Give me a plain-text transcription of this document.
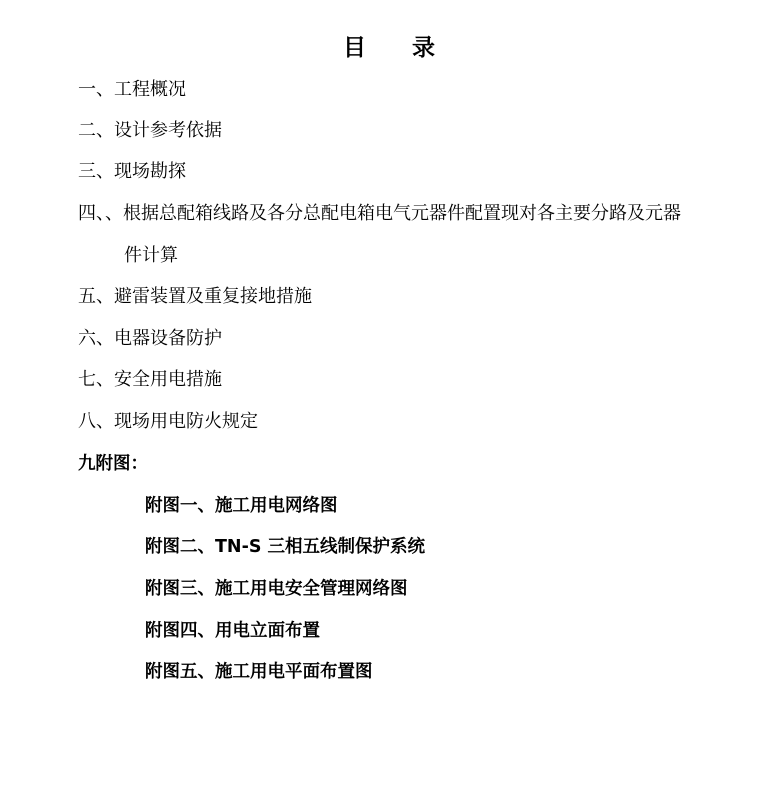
目　　录
一、工程概况
二、设计参考依据
三、现场勘探
四、、根据总配箱线路及各分总配电箱电气元器件配置现对各主要分路及元器
件计算
五、避雷装置及重复接地措施
六、电器设备防护
七、安全用电措施
八、现场用电防火规定
九附图：
附图一、施工用电网络图
附图二、TN-S 三相五线制保护系统
附图三、施工用电安全管理网络图
附图四、用电立面布置
附图五、施工用电平面布置图
